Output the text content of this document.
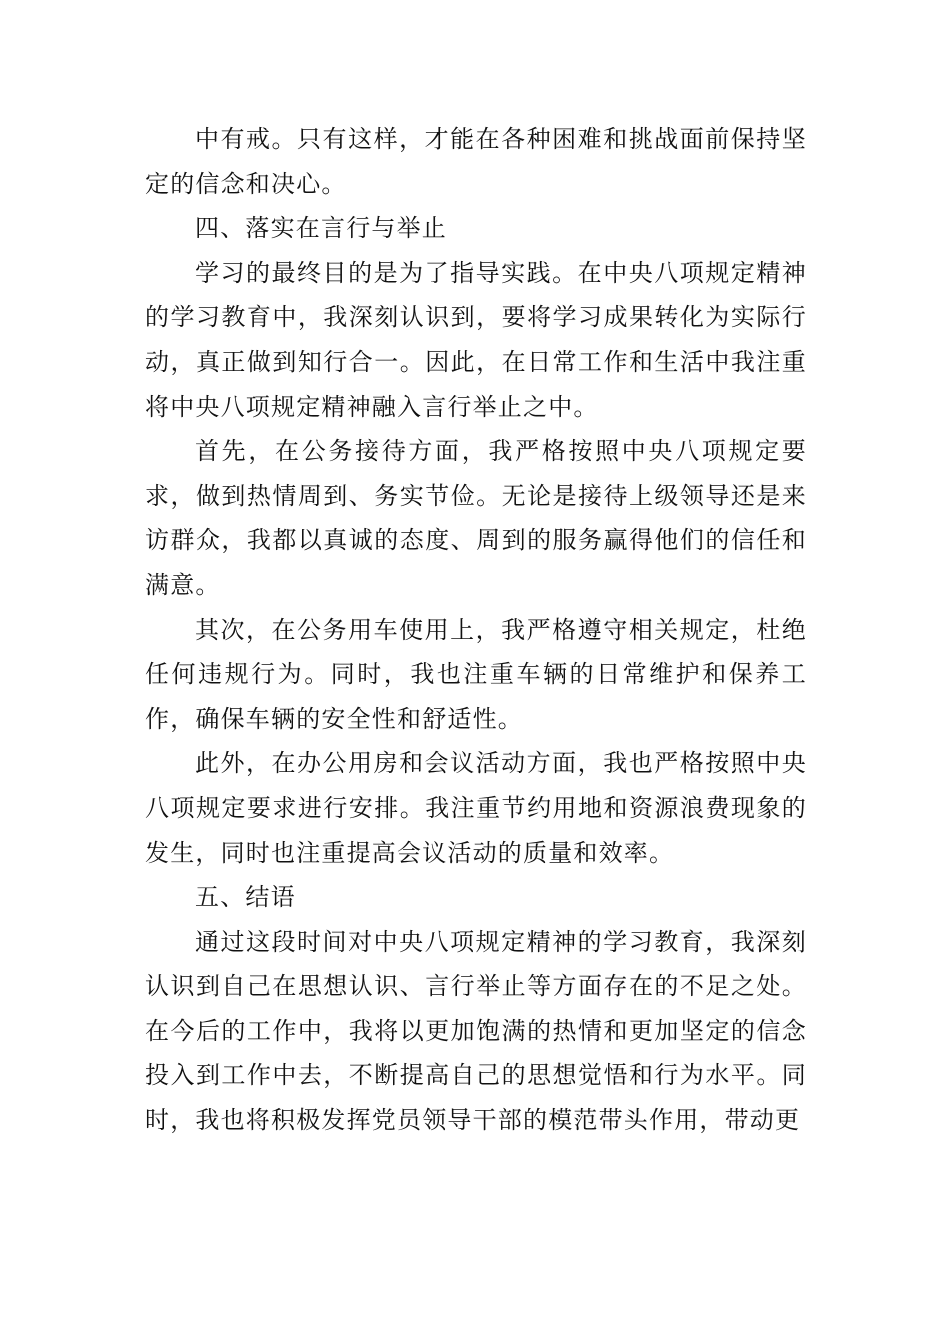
中有戒。只有这样，才能在各种困难和挑战面前保持坚定的信念和决心。

四、落实在言行与举止

学习的最终目的是为了指导实践。在中央八项规定精神的学习教育中，我深刻认识到，要将学习成果转化为实际行动，真正做到知行合一。因此，在日常工作和生活中我注重将中央八项规定精神融入言行举止之中。

首先，在公务接待方面，我严格按照中央八项规定要求，做到热情周到、务实节俭。无论是接待上级领导还是来访群众，我都以真诚的态度、周到的服务赢得他们的信任和满意。

其次，在公务用车使用上，我严格遵守相关规定，杜绝任何违规行为。同时，我也注重车辆的日常维护和保养工作，确保车辆的安全性和舒适性。

此外，在办公用房和会议活动方面，我也严格按照中央八项规定要求进行安排。我注重节约用地和资源浪费现象的发生，同时也注重提高会议活动的质量和效率。

五、结语

通过这段时间对中央八项规定精神的学习教育，我深刻认识到自己在思想认识、言行举止等方面存在的不足之处。在今后的工作中，我将以更加饱满的热情和更加坚定的信念投入到工作中去，不断提高自己的思想觉悟和行为水平。同时，我也将积极发挥党员领导干部的模范带头作用，带动更
